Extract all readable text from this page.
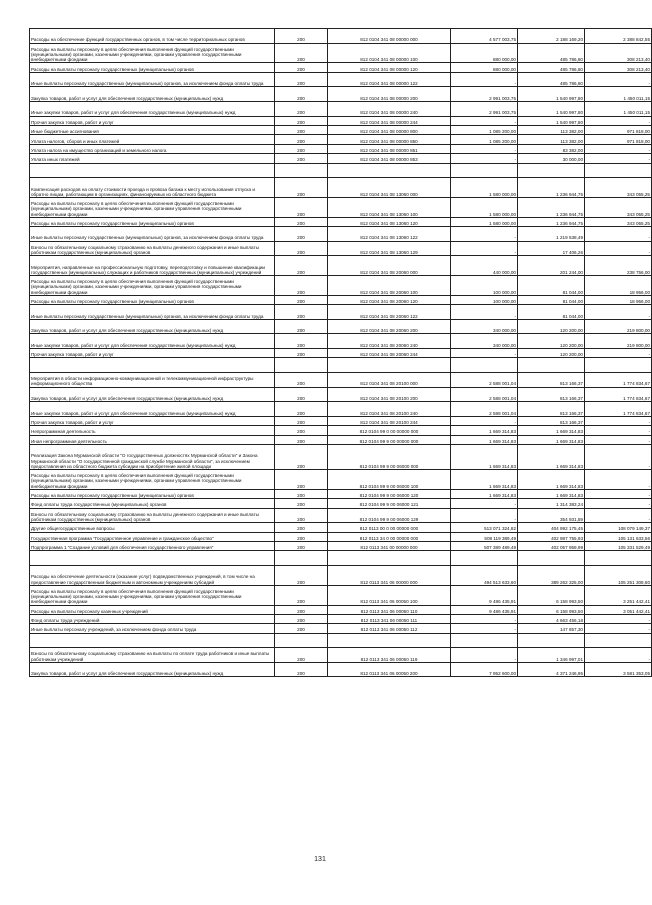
Расходы на обеспечение функций государственных органов, в том числе территориальных органов	200	812 0104 341 08 00000 000	4 577 003,75	2 188 169,20	2 388 842,55
Расходы на выплаты персоналу в целях обеспечения выполнения функций государственными (муниципальными) органами, казенными учреждениями, органами управления государственными внебюджетными фондами	200	812 0104 341 08 00000 100	880 000,00	485 786,60	308 213,40
Расходы на выплаты персоналу государственных (муниципальных) органов	200	812 0104 341 08 00000 120	880 000,00	485 786,60	308 213,40
Иные выплаты персоналу государственных (муниципальных) органов, за исключением фонда оплаты труда	200	812 0104 341 08 00000 122	-	485 786,60	-
Закупка товаров, работ и услуг для обеспечения государственных (муниципальных) нужд	200	812 0104 341 08 00000 200	2 991 003,75	1 540 997,80	1 450 011,15
Иные закупки товаров, работ и услуг для обеспечения государственных (муниципальных) нужд	200	812 0104 341 08 00000 240	2 991 003,75	1 540 997,80	1 450 011,15
Прочая закупка товаров, работ и услуг	200	812 0104 341 08 00000 244	-	1 540 997,80	-
Иные бюджетные ассигнования	200	812 0104 341 08 00000 800	1 085 200,00	113 382,00	971 818,00
Уплата налогов, сборов и иных платежей	200	812 0104 341 08 00000 850	1 085 200,00	113 382,00	971 818,00
Уплата налога на имущество организаций и земельного налога	200	812 0104 341 08 00000 851	-	83 382,00	-
Уплата иных платежей	200	812 0104 341 08 00000 853	-	30 000,00	-

Компенсация расходов на оплату стоимости проезда и провоза багажа к месту использования отпуска и обратно лицам, работающим в организациях, финансируемых из областного бюджета	200	812 0104 341 08 13060 000	1 580 000,00	1 236 944,75	343 055,25
Расходы на выплаты персоналу в целях обеспечения выполнения функций государственными (муниципальными) органами, казенными учреждениями, органами управления государственными внебюджетными фондами	200	812 0104 341 08 13060 100	1 580 000,00	1 236 944,75	343 055,25
Расходы на выплаты персоналу государственных (муниципальных) органов	200	812 0104 341 08 13060 120	1 580 000,00	1 236 944,75	343 055,25
Иные выплаты персоналу государственных (муниципальных) органов, за исключением фонда оплаты труда	200	812 0104 341 08 13060 122	-	1 219 538,49	-
Взносы по обязательному социальному страхованию на выплаты денежного содержания и иные выплаты работникам государственных (муниципальных) органов	200	812 0104 341 08 13060 129	-	17 406,26	-
Мероприятия, направленные на профессиональную подготовку, переподготовку и повышение квалификации государственных (муниципальных) служащих и работников государственных (муниципальных) учреждений	200	812 0104 341 08 20060 000	440 000,00	201 244,00	238 756,00
Расходы на выплаты персоналу в целях обеспечения выполнения функций государственными (муниципальными) органами, казенными учреждениями, органами управления государственными внебюджетными фондами	200	812 0104 341 08 20060 100	100 000,00	81 044,00	18 956,00
Расходы на выплаты персоналу государственных (муниципальных) органов	200	812 0104 341 08 20060 120	100 000,00	81 044,00	18 956,00
Иные выплаты персоналу государственных (муниципальных) органов, за исключением фонда оплаты труда	200	812 0104 341 08 20060 122	-	81 044,00	-
Закупка товаров, работ и услуг для обеспечения государственных (муниципальных) нужд	200	812 0104 341 08 20060 200	340 000,00	120 200,00	219 800,00
Иные закупки товаров, работ и услуг для обеспечения государственных (муниципальных) нужд	200	812 0104 341 08 20060 240	340 000,00	120 200,00	219 800,00
Прочая закупка товаров, работ и услуг	200	812 0104 341 08 20060 244	-	120 200,00	-

Мероприятия в области информационно-коммуникационной и телекоммуникационной инфраструктуры информационного общества	200	812 0104 341 08 20100 000	2 588 001,04	813 166,37	1 774 834,67
Закупка товаров, работ и услуг для обеспечения государственных (муниципальных) нужд	200	812 0104 341 08 20100 200	2 588 001,04	813 166,37	1 774 834,67
Иные закупки товаров, работ и услуг для обеспечения государственных (муниципальных) нужд	200	812 0104 341 08 20100 240	2 588 001,04	813 166,37	1 774 834,67
Прочая закупка товаров, работ и услуг	200	812 0104 341 08 20100 244	-	813 166,37	-
Непрограммная деятельность	200	812 0104 99 0 00 00000 000	1 669 314,83	1 669 314,83	-
Иная непрограммная деятельность	200	812 0104 99 9 00 00000 000	1 669 314,83	1 669 314,83	-
Реализация Закона Мурманской области "О государственных должностях Мурманской области" и Закона Мурманской области "О государственной гражданской службе Мурманской области", за исключением предоставления из областного бюджета субсидии на приобретение жилой площади	200	812 0104 99 9 00 06000 000	1 669 314,83	1 669 314,83	-
Расходы на выплаты персоналу в целях обеспечения выполнения функций государственными (муниципальными) органами, казенными учреждениями, органами управления государственными внебюджетными фондами	200	812 0104 99 9 00 06000 100	1 669 314,83	1 669 314,83	-
Расходы на выплаты персоналу государственных (муниципальных) органов	200	812 0104 99 9 00 06000 120	1 669 314,83	1 669 314,83	-
Фонд оплаты труда государственных (муниципальных) органов	200	812 0104 99 9 00 06000 121	-	1 314 383,24	-
Взносы по обязательному социальному страхованию на выплаты денежного содержания и иные выплаты работникам государственных (муниципальных) органов	200	812 0104 99 9 00 06000 129	-	354 931,59	-
Другие общегосударственные вопросы	200	812 0113 00 0 00 00000 000	513 071 324,82	404 992 175,45	108 079 149,37
Государственная программа "Государственное управление и гражданское общество"	200	812 0113 34 0 00 00000 000	508 119 389,49	402 987 755,93	105 131 633,56
Подпрограмма 1 "Создание условий для обеспечения государственного управления"	200	812 0113 341 00 00000 000	507 389 489,49	402 057 959,99	105 331 529,49

Расходы на обеспечение деятельности (оказание услуг) подведомственных учреждений, в том числе на предоставление государственным бюджетным и автономным учреждениям субсидий	200	812 0113 341 06 00000 000	494 513 633,60	389 262 325,00	105 251 308,60
Расходы на выплаты персоналу в целях обеспечения выполнения функций государственными (муниципальными) органами, казенными учреждениями, органами управления государственными внебюджетными фондами	200	812 0113 341 06 00050 100	9 486 435,91	6 158 993,50	3 251 442,41
Расходы на выплаты персоналу казенных учреждений	200	812 0113 341 06 00050 110	9 486 435,91	6 158 993,50	3 051 442,41
Фонд оплаты труда учреждений	200	812 0113 341 06 00050 111	-	4 663 456,18	-
Иные выплаты персоналу учреждений, за исключением фонда оплаты труда	200	812 0113 341 06 00050 112	-	147 857,30	-

Взносы по обязательному социальному страхованию на выплаты по оплате труда работников и иные выплаты работникам учреждений	200	812 0113 341 06 00050 119	-	1 346 997,01	-
Закупка товаров, работ и услуг для обеспечения государственных (муниципальных) нужд	200	812 0113 341 06 00050 200	7 952 600,00	4 371 246,95	3 581 353,05
131
